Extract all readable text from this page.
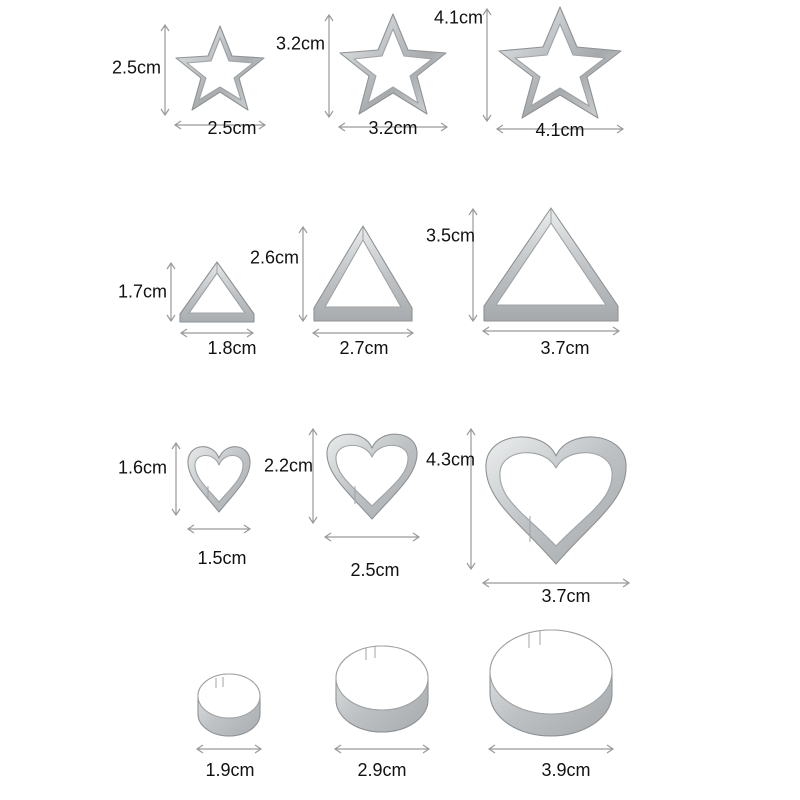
2.5cm
2.5cm
3.2cm
3.2cm
4.1cm
4.1cm
1.7cm
1.8cm
2.6cm
2.7cm
3.5cm
3.7cm
1.6cm
1.5cm
2.2cm
2.5cm
4.3cm
3.7cm
1.9cm	2.9cm	3.9cm
